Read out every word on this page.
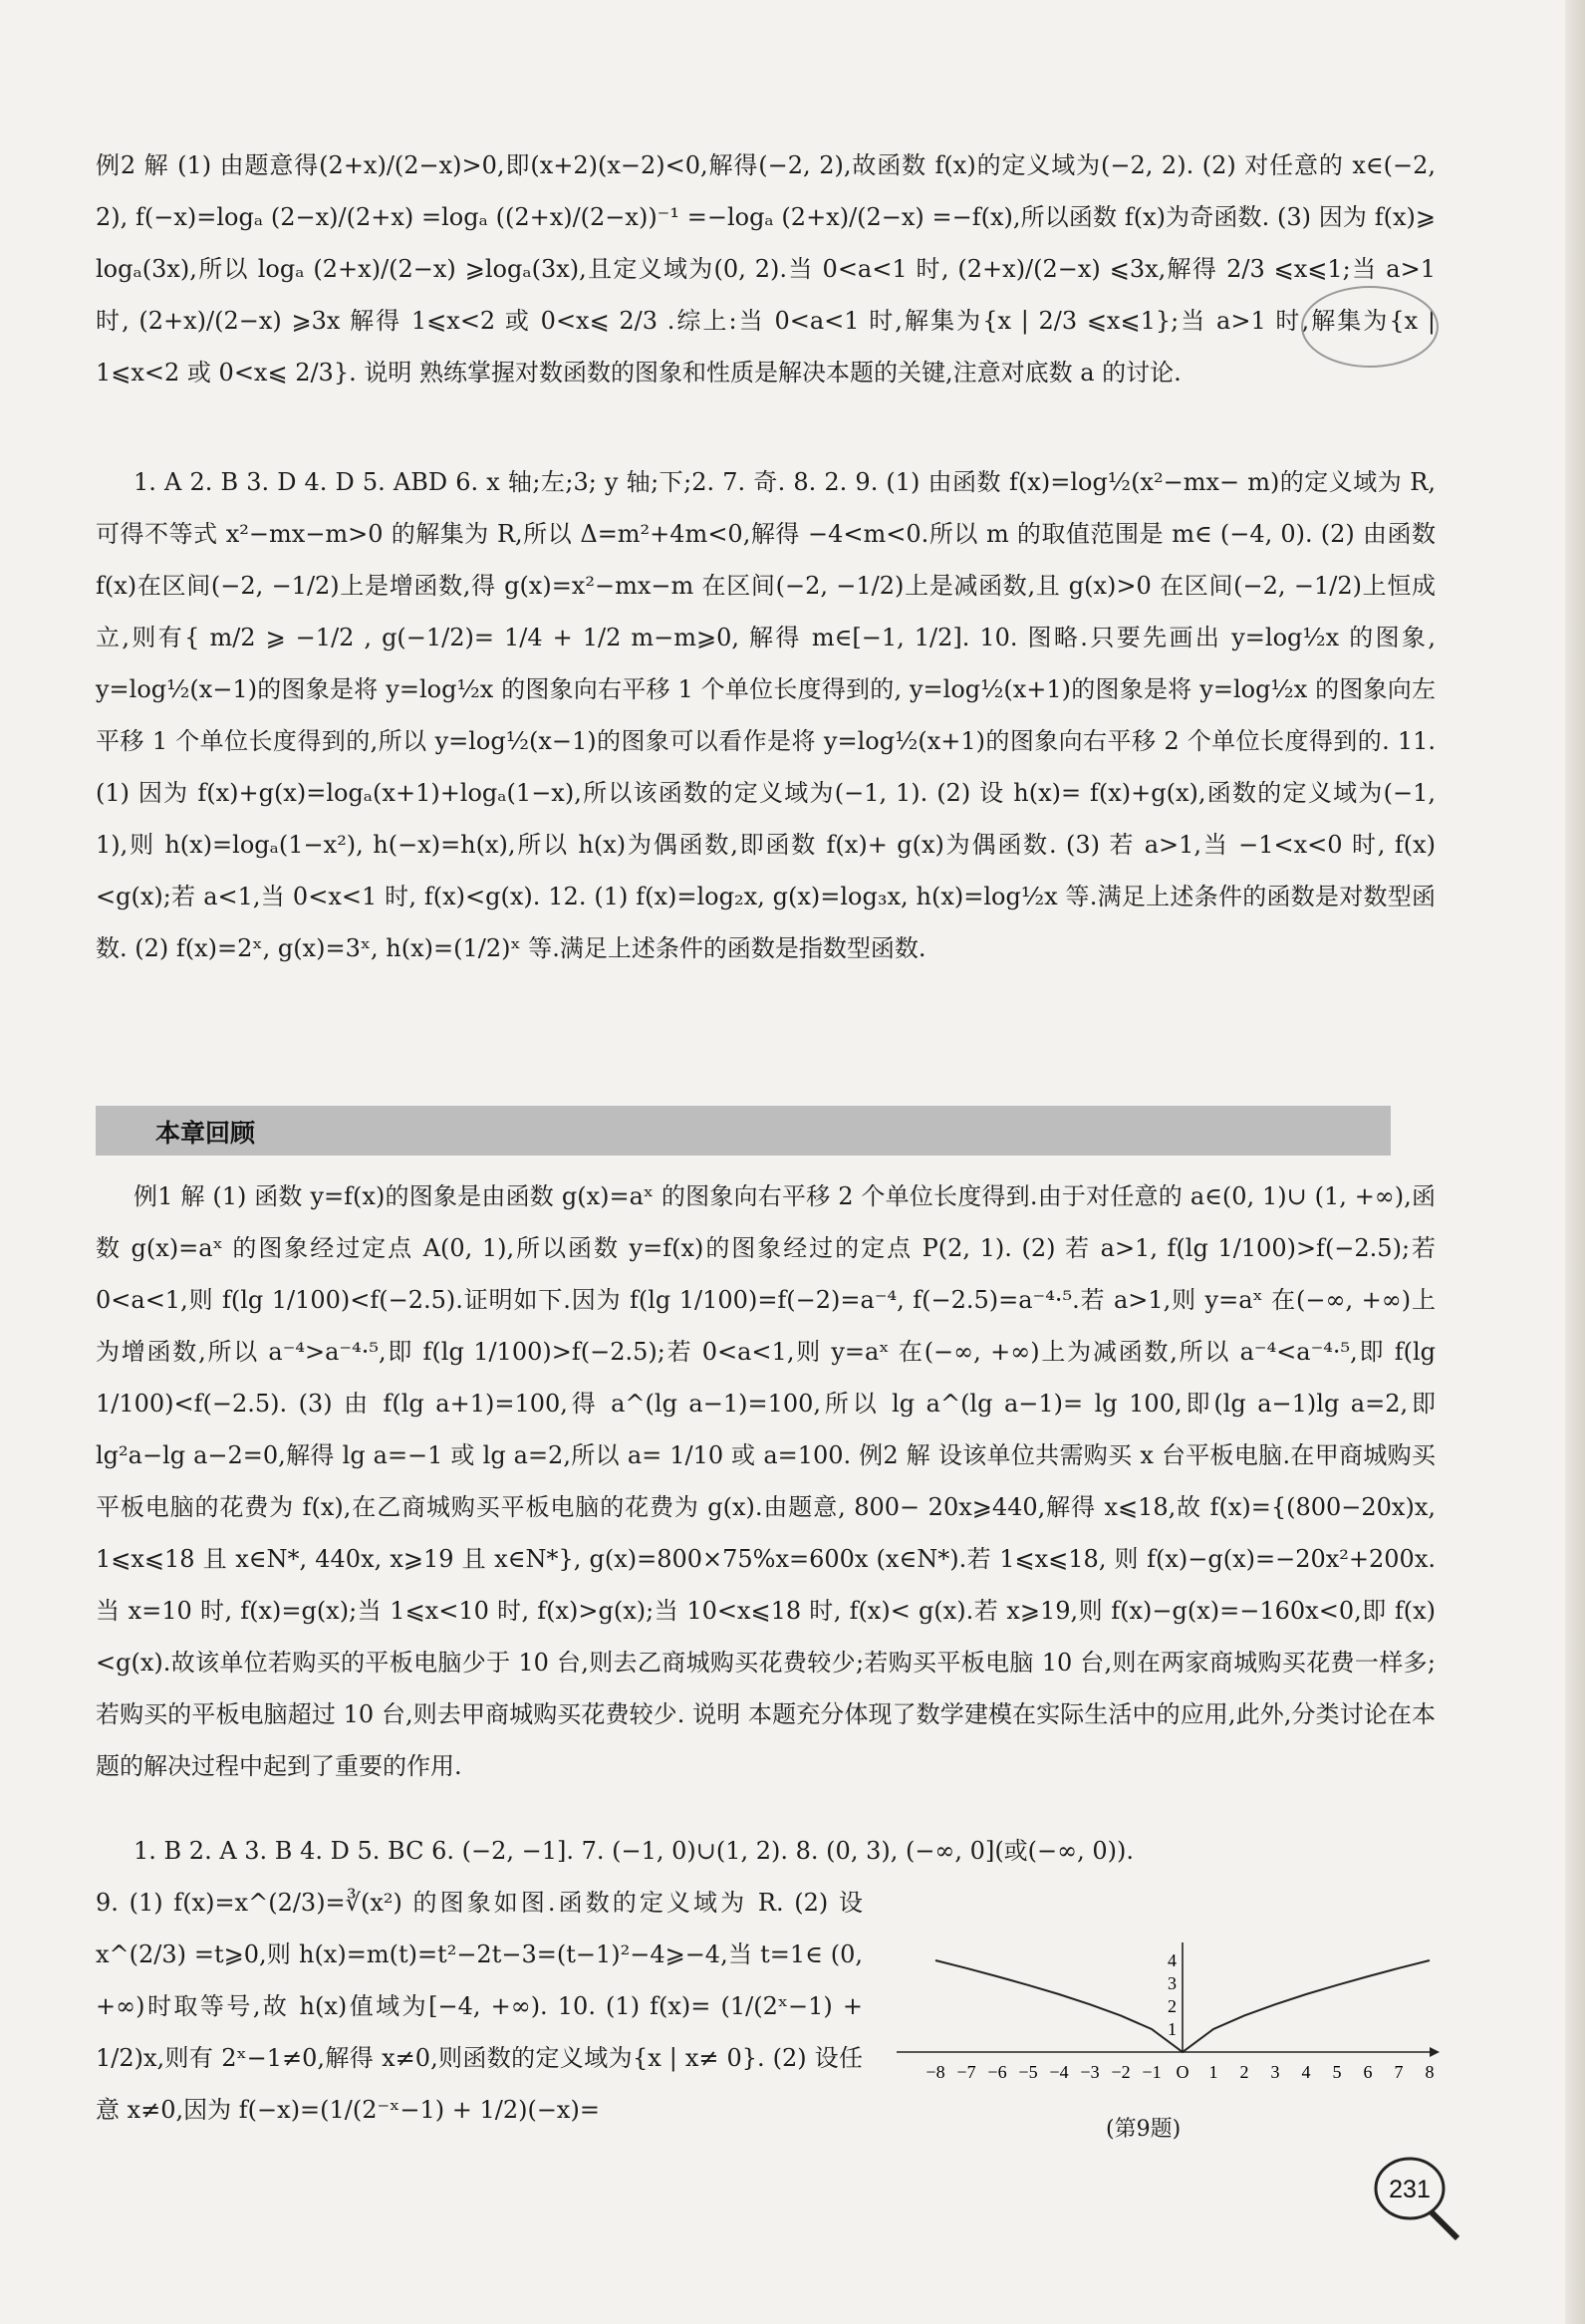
例2 解 (1) 由题意得(2+x)/(2−x)>0,即(x+2)(x−2)<0,解得(−2, 2),故函数 f(x)的定义域为(−2, 2). (2) 对任意的 x∈(−2, 2), f(−x)=logₐ (2−x)/(2+x) =logₐ ((2+x)/(2−x))⁻¹ =−logₐ (2+x)/(2−x) =−f(x),所以函数 f(x)为奇函数. (3) 因为 f(x)⩾ logₐ(3x),所以 logₐ (2+x)/(2−x) ⩾logₐ(3x),且定义域为(0, 2).当 0<a<1 时, (2+x)/(2−x) ⩽3x,解得 2/3 ⩽x⩽1;当 a>1 时, (2+x)/(2−x) ⩾3x 解得 1⩽x<2 或 0<x⩽ 2/3 .综上:当 0<a<1 时,解集为{x | 2/3 ⩽x⩽1};当 a>1 时,解集为{x | 1⩽x<2 或 0<x⩽ 2/3}. 说明 熟练掌握对数函数的图象和性质是解决本题的关键,注意对底数 a 的讨论.

1. A 2. B 3. D 4. D 5. ABD 6. x 轴;左;3; y 轴;下;2. 7. 奇. 8. 2. 9. (1) 由函数 f(x)=log½(x²−mx− m)的定义域为 R,可得不等式 x²−mx−m>0 的解集为 R,所以 Δ=m²+4m<0,解得 −4<m<0.所以 m 的取值范围是 m∈ (−4, 0). (2) 由函数 f(x)在区间(−2, −1/2)上是增函数,得 g(x)=x²−mx−m 在区间(−2, −1/2)上是减函数,且 g(x)>0 在区间(−2, −1/2)上恒成立,则有{ m/2 ⩾ −1/2 , g(−1/2)= 1/4 + 1/2 m−m⩾0, 解得 m∈[−1, 1/2]. 10. 图略.只要先画出 y=log½x 的图象, y=log½(x−1)的图象是将 y=log½x 的图象向右平移 1 个单位长度得到的, y=log½(x+1)的图象是将 y=log½x 的图象向左平移 1 个单位长度得到的,所以 y=log½(x−1)的图象可以看作是将 y=log½(x+1)的图象向右平移 2 个单位长度得到的. 11. (1) 因为 f(x)+g(x)=logₐ(x+1)+logₐ(1−x),所以该函数的定义域为(−1, 1). (2) 设 h(x)= f(x)+g(x),函数的定义域为(−1, 1),则 h(x)=logₐ(1−x²), h(−x)=h(x),所以 h(x)为偶函数,即函数 f(x)+ g(x)为偶函数. (3) 若 a>1,当 −1<x<0 时, f(x)<g(x);若 a<1,当 0<x<1 时, f(x)<g(x). 12. (1) f(x)=log₂x, g(x)=log₃x, h(x)=log½x 等.满足上述条件的函数是对数型函数. (2) f(x)=2ˣ, g(x)=3ˣ, h(x)=(1/2)ˣ 等.满足上述条件的函数是指数型函数.

本章回顾

例1 解 (1) 函数 y=f(x)的图象是由函数 g(x)=aˣ 的图象向右平移 2 个单位长度得到.由于对任意的 a∈(0, 1)∪ (1, +∞),函数 g(x)=aˣ 的图象经过定点 A(0, 1),所以函数 y=f(x)的图象经过的定点 P(2, 1). (2) 若 a>1, f(lg 1/100)>f(−2.5);若 0<a<1,则 f(lg 1/100)<f(−2.5).证明如下.因为 f(lg 1/100)=f(−2)=a⁻⁴, f(−2.5)=a⁻⁴·⁵.若 a>1,则 y=aˣ 在(−∞, +∞)上为增函数,所以 a⁻⁴>a⁻⁴·⁵,即 f(lg 1/100)>f(−2.5);若 0<a<1,则 y=aˣ 在(−∞, +∞)上为减函数,所以 a⁻⁴<a⁻⁴·⁵,即 f(lg 1/100)<f(−2.5). (3) 由 f(lg a+1)=100,得 a^(lg a−1)=100,所以 lg a^(lg a−1)= lg 100,即(lg a−1)lg a=2,即 lg²a−lg a−2=0,解得 lg a=−1 或 lg a=2,所以 a= 1/10 或 a=100. 例2 解 设该单位共需购买 x 台平板电脑.在甲商城购买平板电脑的花费为 f(x),在乙商城购买平板电脑的花费为 g(x).由题意, 800− 20x⩾440,解得 x⩽18,故 f(x)={(800−20x)x, 1⩽x⩽18 且 x∈N*, 440x, x⩾19 且 x∈N*}, g(x)=800×75%x=600x (x∈N*).若 1⩽x⩽18, 则 f(x)−g(x)=−20x²+200x.当 x=10 时, f(x)=g(x);当 1⩽x<10 时, f(x)>g(x);当 10<x⩽18 时, f(x)< g(x).若 x⩾19,则 f(x)−g(x)=−160x<0,即 f(x)<g(x).故该单位若购买的平板电脑少于 10 台,则去乙商城购买花费较少;若购买平板电脑 10 台,则在两家商城购买花费一样多;若购买的平板电脑超过 10 台,则去甲商城购买花费较少. 说明 本题充分体现了数学建模在实际生活中的应用,此外,分类讨论在本题的解决过程中起到了重要的作用.

1. B 2. A 3. B 4. D 5. BC 6. (−2, −1]. 7. (−1, 0)∪(1, 2). 8. (0, 3), (−∞, 0](或(−∞, 0)).

9. (1) f(x)=x^(2/3)=∛(x²) 的图象如图.函数的定义域为 R. (2) 设 x^(2/3) =t⩾0,则 h(x)=m(t)=t²−2t−3=(t−1)²−4⩾−4,当 t=1∈ (0, +∞)时取等号,故 h(x)值域为[−4, +∞). 10. (1) f(x)= (1/(2ˣ−1) + 1/2)x,则有 2ˣ−1≠0,解得 x≠0,则函数的定义域为{x | x≠ 0}. (2) 设任意 x≠0,因为 f(−x)=(1/(2⁻ˣ−1) + 1/2)(−x)=

−8 −7 −6 −5 −4 −3 −2 −1 O 1 2 3 4 5 6 7 8
1
2
3
4
(第9题)
231
